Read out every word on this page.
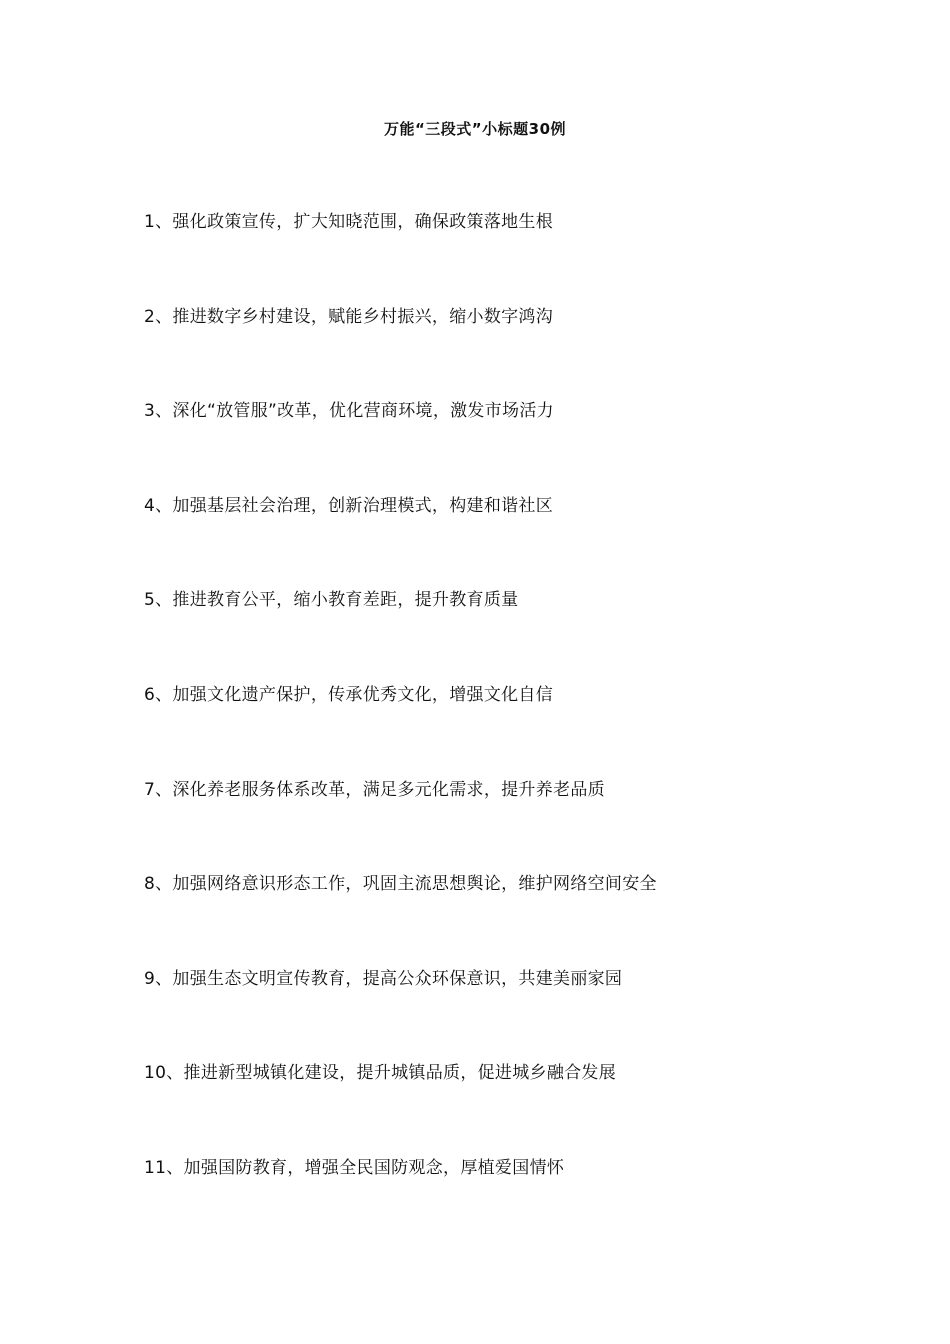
万能“三段式”小标题30例
1、强化政策宣传，扩大知晓范围，确保政策落地生根
2、推进数字乡村建设，赋能乡村振兴，缩小数字鸿沟
3、深化“放管服”改革，优化营商环境，激发市场活力
4、加强基层社会治理，创新治理模式，构建和谐社区
5、推进教育公平，缩小教育差距，提升教育质量
6、加强文化遗产保护，传承优秀文化，增强文化自信
7、深化养老服务体系改革，满足多元化需求，提升养老品质
8、加强网络意识形态工作，巩固主流思想舆论，维护网络空间安全
9、加强生态文明宣传教育，提高公众环保意识，共建美丽家园
10、推进新型城镇化建设，提升城镇品质，促进城乡融合发展
11、加强国防教育，增强全民国防观念，厚植爱国情怀
